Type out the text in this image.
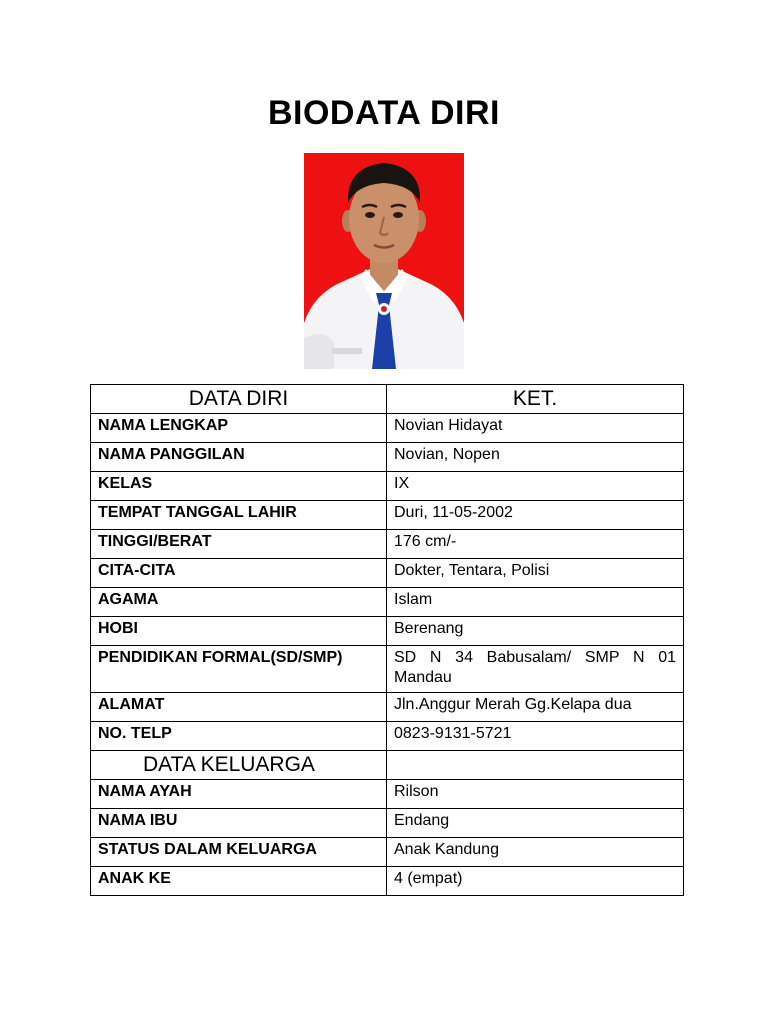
BIODATA DIRI
DATA DIRI	KET.
NAMA LENGKAP	Novian Hidayat
NAMA PANGGILAN	Novian, Nopen
KELAS	IX
TEMPAT TANGGAL LAHIR	Duri, 11-05-2002
TINGGI/BERAT	176 cm/-
CITA-CITA	Dokter, Tentara, Polisi
AGAMA	Islam
HOBI	Berenang
PENDIDIKAN FORMAL(SD/SMP)	SD N 34 Babusalam/ SMP N 01 Mandau
ALAMAT	Jln.Anggur Merah Gg.Kelapa dua
NO. TELP	0823-9131-5721
DATA KELUARGA	
NAMA AYAH	Rilson
NAMA IBU	Endang
STATUS DALAM KELUARGA	Anak Kandung
ANAK KE	4 (empat)
